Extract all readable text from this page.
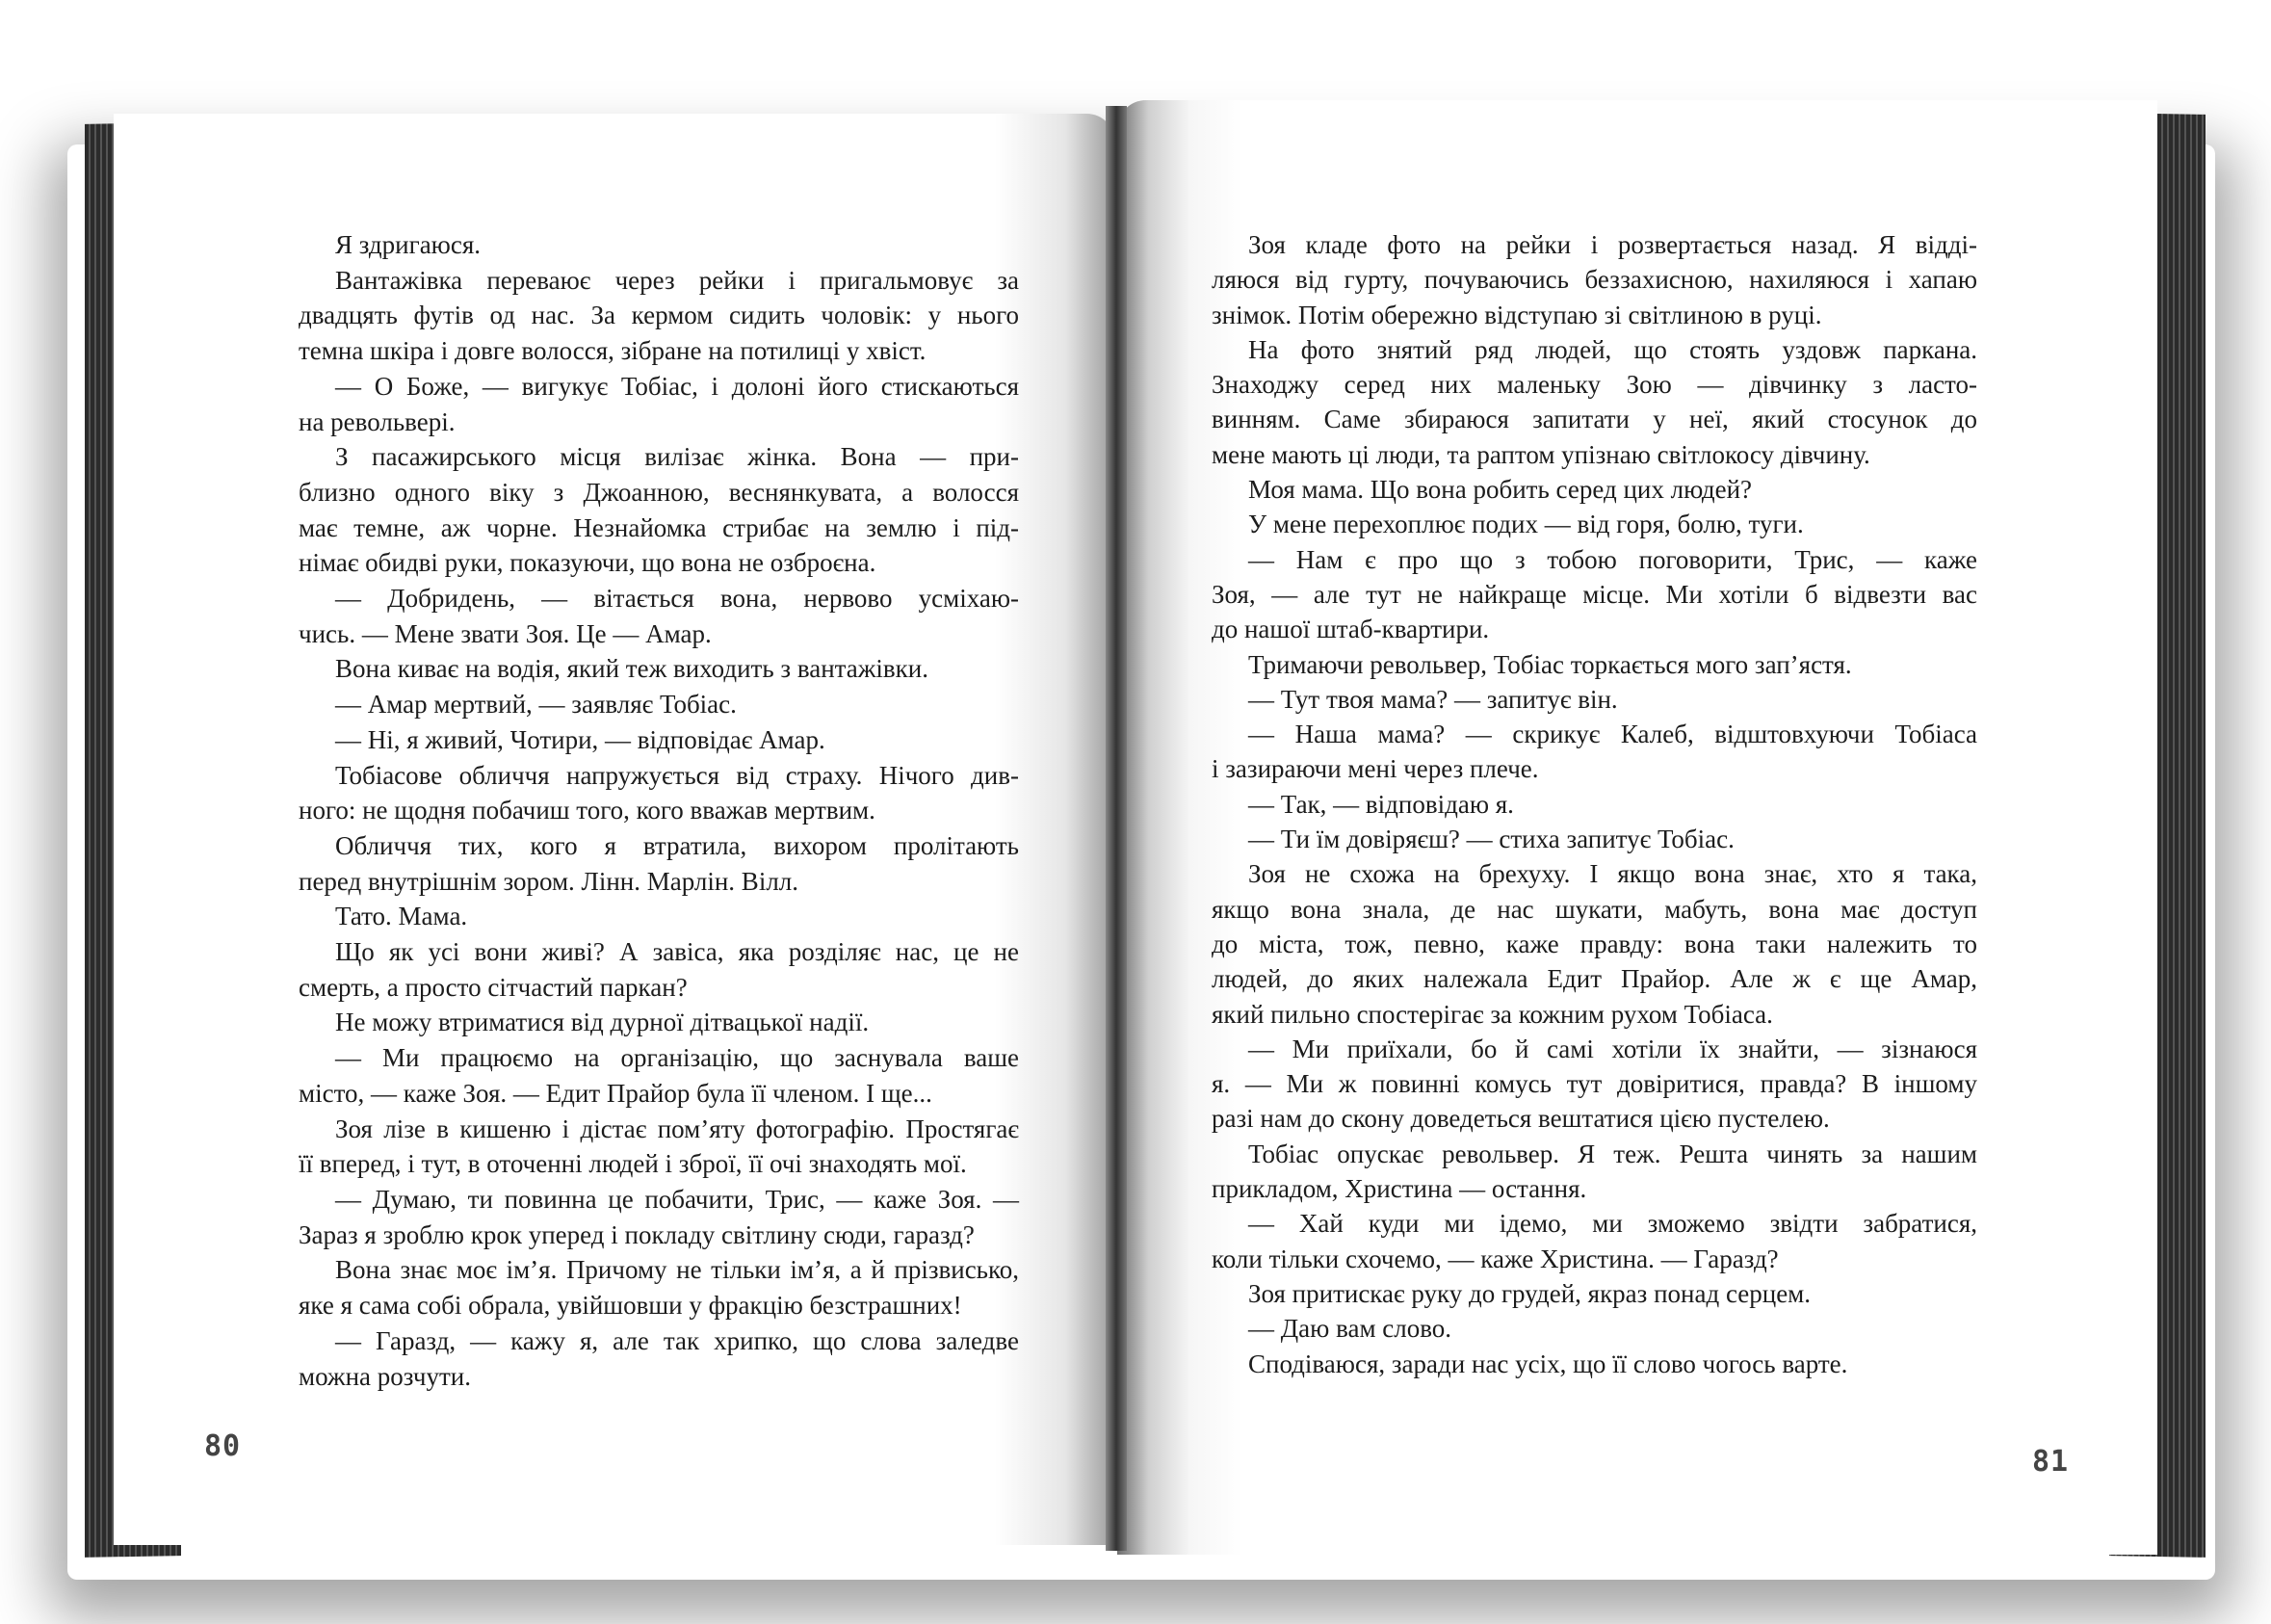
Я здригаюся.
Вантажівка переваює через рейки і пригальмовує за
двадцять футів од нас. За кермом сидить чоловік: у нього
темна шкіра і довге волосся, зібране на потилиці у хвіст.
— О Боже, — вигукує Тобіас, і долоні його стискаються
на револьвері.
З пасажирського місця вилізає жінка. Вона — при-
близно одного віку з Джоанною, веснянкувата, а волосся
має темне, аж чорне. Незнайомка стрибає на землю і під-
німає обидві руки, показуючи, що вона не озброєна.
— Добридень, — вітається вона, нервово усміхаю-
чись. — Мене звати Зоя. Це — Амар.
Вона киває на водія, який теж виходить з вантажівки.
— Амар мертвий, — заявляє Тобіас.
— Ні, я живий, Чотири, — відповідає Амар.
Тобіасове обличчя напружується від страху. Нічого див-
ного: не щодня побачиш того, кого вважав мертвим.
Обличчя тих, кого я втратила, вихором пролітають
перед внутрішнім зором. Лінн. Марлін. Вілл.
Тато. Мама.
Що як усі вони живі? А завіса, яка розділяє нас, це не
смерть, а просто сітчастий паркан?
Не можу втриматися від дурної дітвацької надії.
— Ми працюємо на організацію, що заснувала ваше
місто, — каже Зоя. — Едит Прайор була її членом. І ще...
Зоя лізе в кишеню і дістає пом’яту фотографію. Простягає
її вперед, і тут, в оточенні людей і зброї, її очі знаходять мої.
— Думаю, ти повинна це побачити, Трис, — каже Зоя. —
Зараз я зроблю крок уперед і покладу світлину сюди, гаразд?
Вона знає моє ім’я. Причому не тільки ім’я, а й прізвисько,
яке я сама собі обрала, увійшовши у фракцію безстрашних!
— Гаразд, — кажу я, але так хрипко, що слова заледве
можна розчути.
80
Зоя кладе фото на рейки і розвертається назад. Я відді-
ляюся від гурту, почуваючись беззахисною, нахиляюся і хапаю
знімок. Потім обережно відступаю зі світлиною в руці.
На фото знятий ряд людей, що стоять уздовж паркана.
Знаходжу серед них маленьку Зою — дівчинку з ласто-
винням. Саме збираюся запитати у неї, який стосунок до
мене мають ці люди, та раптом упізнаю світлокосу дівчину.
Моя мама. Що вона робить серед цих людей?
У мене перехоплює подих — від горя, болю, туги.
— Нам є про що з тобою поговорити, Трис, — каже
Зоя, — але тут не найкраще місце. Ми хотіли б відвезти вас
до нашої штаб-квартири.
Тримаючи револьвер, Тобіас торкається мого зап’ястя.
— Тут твоя мама? — запитує він.
— Наша мама? — скрикує Калеб, відштовхуючи Тобіаса
і зазираючи мені через плече.
— Так, — відповідаю я.
— Ти їм довіряєш? — стиха запитує Тобіас.
Зоя не схожа на брехуху. І якщо вона знає, хто я така,
якщо вона знала, де нас шукати, мабуть, вона має доступ
до міста, тож, певно, каже правду: вона таки належить то
людей, до яких належала Едит Прайор. Але ж є ще Амар,
який пильно спостерігає за кожним рухом Тобіаса.
— Ми приїхали, бо й самі хотіли їх знайти, — зізнаюся
я. — Ми ж повинні комусь тут довіритися, правда? В іншому
разі нам до скону доведеться вештатися цією пустелею.
Тобіас опускає револьвер. Я теж. Решта чинять за нашим
прикладом, Христина — остання.
— Хай куди ми ідемо, ми зможемо звідти забратися,
коли тільки схочемо, — каже Христина. — Гаразд?
Зоя притискає руку до грудей, якраз понад серцем.
— Даю вам слово.
Сподіваюся, заради нас усіх, що її слово чогось варте.
81
